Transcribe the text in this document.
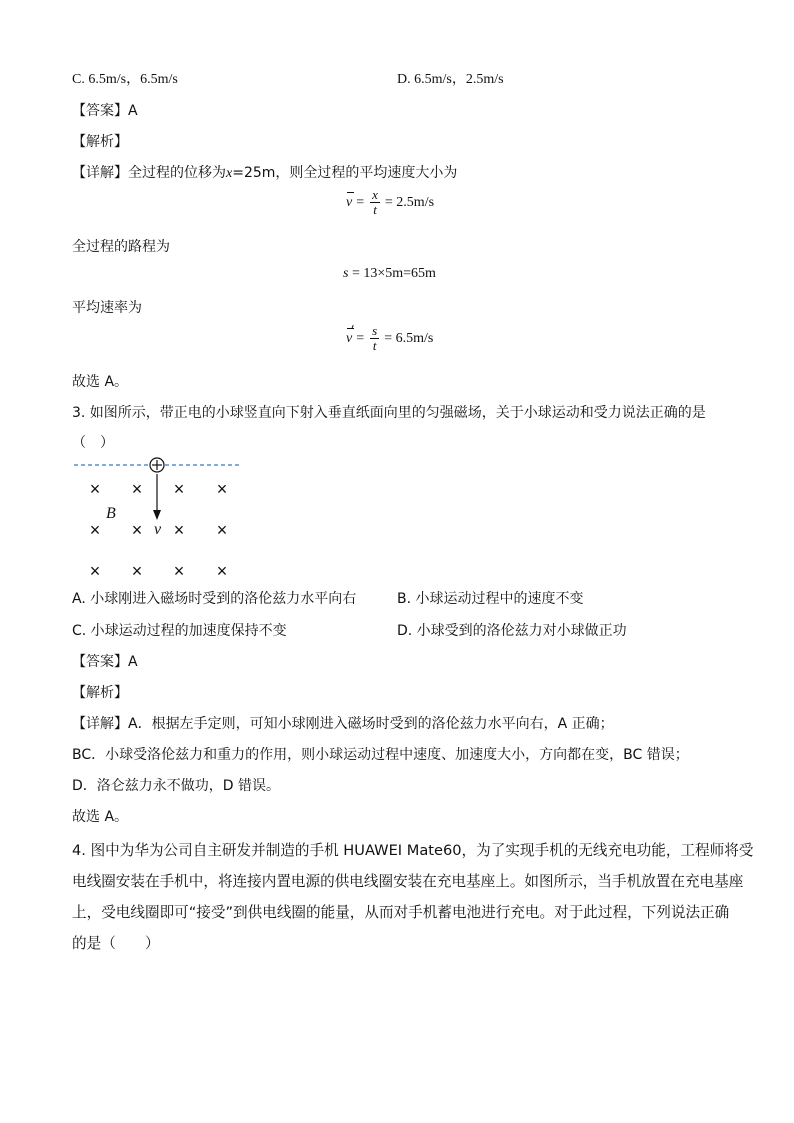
C. 6.5m/s，6.5m/s	D. 6.5m/s，2.5m/s
【答案】A
【解析】
【详解】全过程的位移为x=25m，则全过程的平均速度大小为
$v = \frac{x}{t} = 2.5m/s$
全过程的路程为
s = 13×5m=65m
平均速率为
$v = \frac{s}{t} = 6.5m/s$
故选 A。
3. 如图所示，带正电的小球竖直向下射入垂直纸面向里的匀强磁场，关于小球运动和受力说法正确的是
（　）
× × × ×
× × × ×
× × × ×
B
v
A. 小球刚进入磁场时受到的洛伦兹力水平向右	B. 小球运动过程中的速度不变
C. 小球运动过程的加速度保持不变	D. 小球受到的洛伦兹力对小球做正功
【答案】A
【解析】
【详解】A．根据左手定则，可知小球刚进入磁场时受到的洛伦兹力水平向右，A 正确；
BC．小球受洛伦兹力和重力的作用，则小球运动过程中速度、加速度大小，方向都在变，BC 错误；
D．洛仑兹力永不做功，D 错误。
故选 A。
4. 图中为华为公司自主研发并制造的手机 HUAWEI Mate60，为了实现手机的无线充电功能，工程师将受
电线圈安装在手机中，将连接内置电源的供电线圈安装在充电基座上。如图所示，当手机放置在充电基座
上，受电线圈即可“接受”到供电线圈的能量，从而对手机蓄电池进行充电。对于此过程，下列说法正确
的是（　　）
